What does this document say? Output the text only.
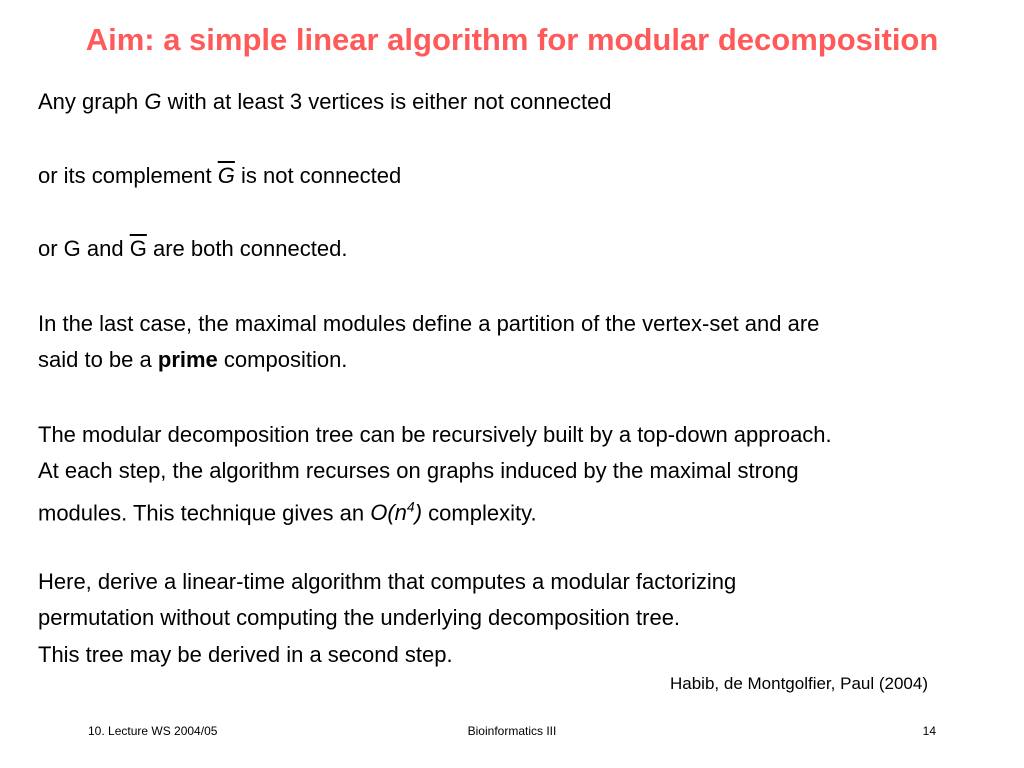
Aim: a simple linear algorithm for modular decomposition
Any graph G with at least 3 vertices is either not connected
or its complement $\overline{G}$ is not connected
or G and $\overline{G}$ are both connected.
In the last case, the maximal modules define a partition of the vertex-set and are
said to be a prime composition.
The modular decomposition tree can be recursively built by a top-down approach.
At each step, the algorithm recurses on graphs induced by the maximal strong
modules. This technique gives an $O(n^4)$ complexity.
Here, derive a linear-time algorithm that computes a modular factorizing
permutation without computing the underlying decomposition tree.
This tree may be derived in a second step.
Habib, de Montgolfier, Paul (2004)
10. Lecture WS 2004/05	Bioinformatics III	14
